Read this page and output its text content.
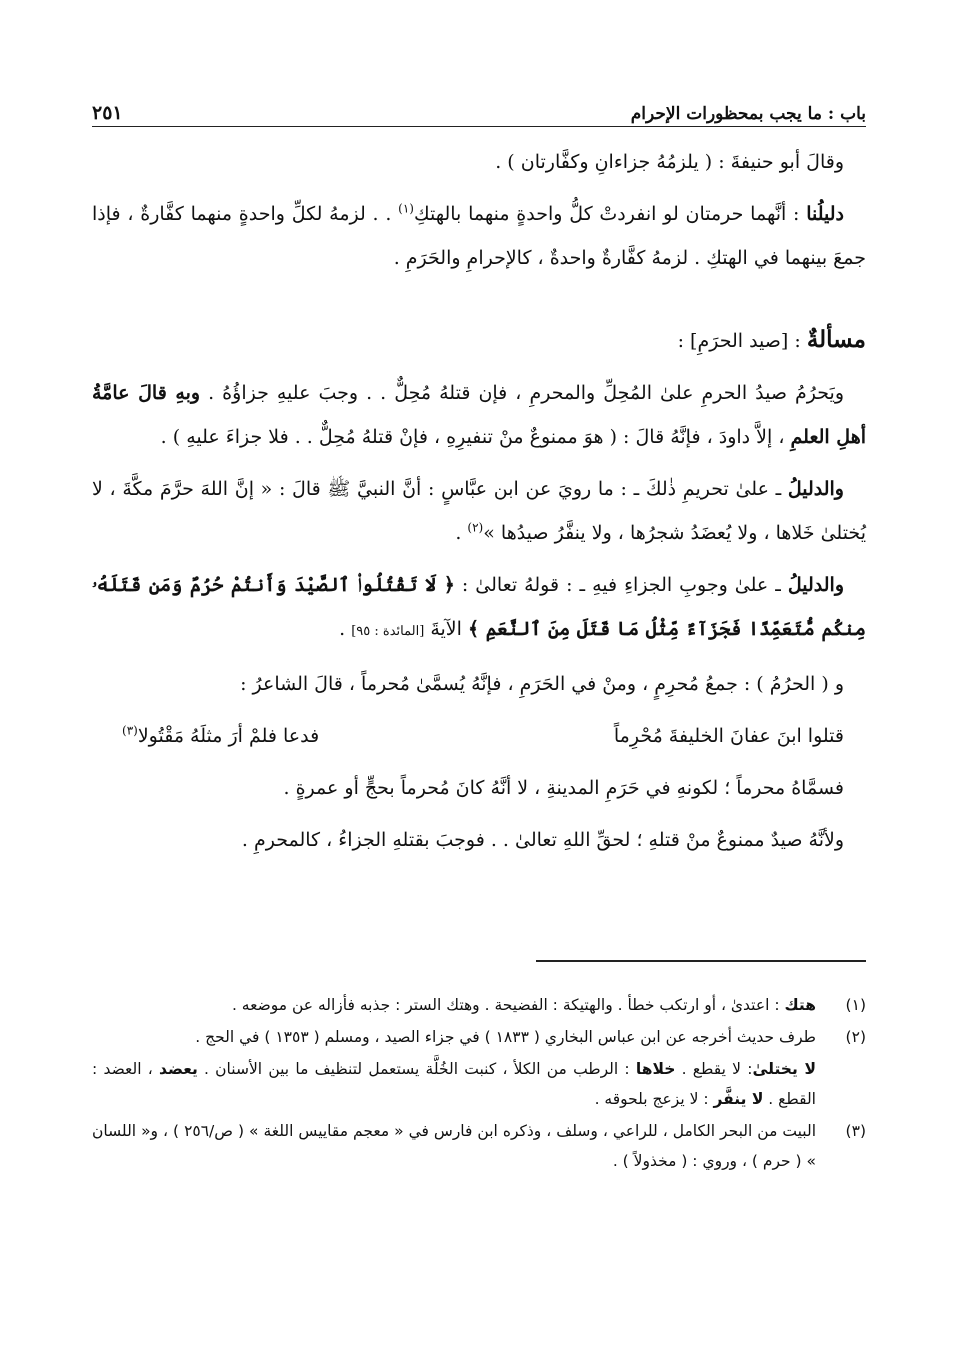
باب : ما يجب بمحظورات الإحرام
٢٥١

وقالَ أبو حنيفةَ : ( يلزمُهُ جزاءانِ وكفَّارتان ) .

دليلُنا : أنَّهما حرمتان لو انفردتْ كلُّ واحدةٍ منهما بالهتكِ$^{(١)}$ . . لزمهُ لكلِّ واحدةٍ منهما كفَّارةٌ ، فإذا جمعَ بينهما في الهتكِ . لزمهُ كفَّارةٌ واحدةٌ ، كالإحرامِ والحَرَمِ .

مسألةٌ : [صيد الحرَمِ] :

ويَحرُمُ صيدُ الحرمِ علىٰ المُحِلِّ والمحرمِ ، فإن قتلهُ مُحِلٌّ . . وجبَ عليهِ جزاؤُهُ . وبهِ قالَ عامَّةُ أهلِ العلمِ ، إلاَّ داودَ ، فإنَّهُ قالَ : ( هوَ ممنوعٌ منْ تنفيرِهِ ، فإنْ قتلهُ مُحِلٌّ . . فلا جزاءَ عليهِ ) .

والدليلُ ـ علىٰ تحريمِ ذٰلكَ ـ : ما رويَ عن ابن عبَّاسٍ : أنَّ النبيَّ ﷺ قالَ : « إنَّ اللهَ حرَّمَ مكَّةَ ، لا يُختلىٰ خَلاها ، ولا يُعضَدُ شجرُها ، ولا ينفَّرُ صيدُها »$^{(٢)}$ .

والدليلُ ـ علىٰ وجوبِ الجزاءِ فيهِ ـ : قولهُ تعالىٰ : ﴿ لَا تَقْتُلُوا۟ ٱلصَّيْدَ وَأَنتُمْ حُرُمٌ وَمَن قَتَلَهُۥ مِنكُم مُّتَعَمِّدًا فَجَزَآءٌ مِّثْلُ مَا قَتَلَ مِنَ ٱلنَّعَمِ ﴾ الآيةَ [المائدة : ٩٥] .

و ( الحرُمُ ) : جمعُ مُحرِمٍ ، ومنْ في الحَرَمِ ، فإنَّهُ يُسمَّىٰ مُحرماً ، قالَ الشاعرُ :

قتلوا ابنَ عفانَ الخليفةَ مُحْرِماً
فدعا فلمْ أرَ مثلَهُ مَقْتُولا$^{(٣)}$

فسمَّاهُ محرماً ؛ لكونهِ في حَرَمِ المدينةِ ، لا أنَّهُ كانَ مُحرماً بحجٍّ أو عمرةٍ .

ولأنَّهُ صيدٌ ممنوعٌ منْ قتلهِ ؛ لحقِّ اللهِ تعالىٰ . . فوجبَ بقتلهِ الجزاءُ ، كالمحرمِ .

(١)
هتك : اعتدىٰ ، أو ارتكب خطأ . والهتيكة : الفضيحة . وهتك الستر : جذبه فأزاله عن موضعه .
(٢)
طرف حديث أخرجه عن ابن عباس البخاري ( ١٨٣٣ ) في جزاء الصيد ، ومسلم ( ١٣٥٣ ) في الحج .
لا يختلىٰ: لا يقطع . خلاها : الرطب من الكلأ ، كنبت الخُلَّة يستعمل لتنظيف ما بين الأسنان . يعضد ، العضد : القطع . لا ينفَّر : لا يزعج بلحوقه .
(٣)
البيت من البحر الكامل ، للراعي ، وسلف ، وذكره ابن فارس في « معجم مقاييس اللغة » ( ص/٢٥٦ ) ، و« اللسان » ( حرم ) ، وروي : ( مخذولاً ) .
